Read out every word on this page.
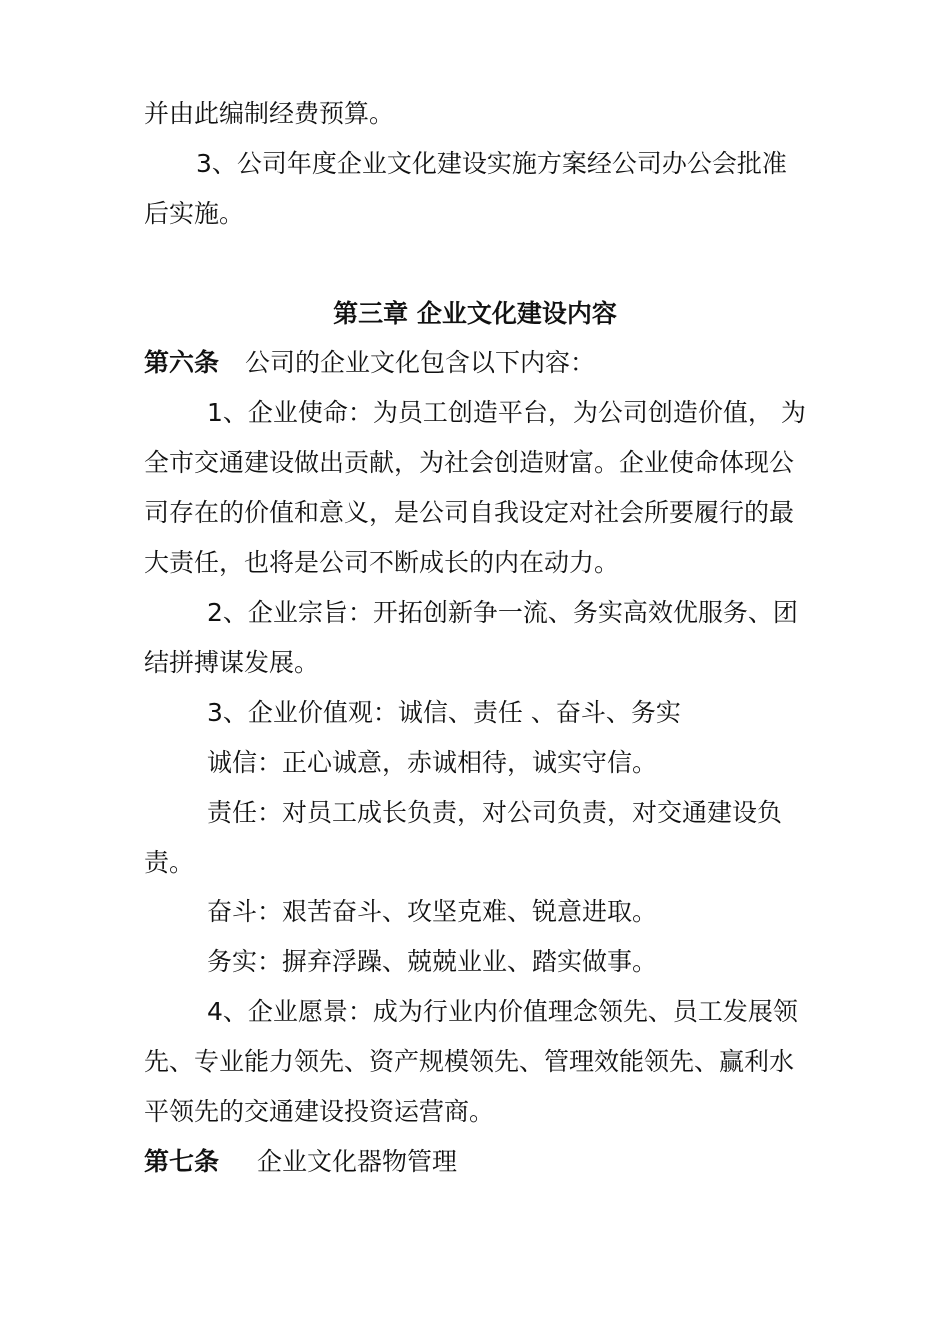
并由此编制经费预算。
3、公司年度企业文化建设实施方案经公司办公会批准
后实施。
第三章 企业文化建设内容
第六条 公司的企业文化包含以下内容：
1、企业使命：为员工创造平台，为公司创造价值， 为
全市交通建设做出贡献，为社会创造财富。企业使命体现公
司存在的价值和意义，是公司自我设定对社会所要履行的最
大责任，也将是公司不断成长的内在动力。
2、企业宗旨：开拓创新争一流、务实高效优服务、团
结拼搏谋发展。
3、企业价值观：诚信、责任 、奋斗、务实
诚信：正心诚意，赤诚相待，诚实守信。
责任：对员工成长负责，对公司负责，对交通建设负
责。
奋斗：艰苦奋斗、攻坚克难、锐意进取。
务实：摒弃浮躁、兢兢业业、踏实做事。
4、企业愿景：成为行业内价值理念领先、员工发展领
先、专业能力领先、资产规模领先、管理效能领先、赢利水
平领先的交通建设投资运营商。
第七条 企业文化器物管理
